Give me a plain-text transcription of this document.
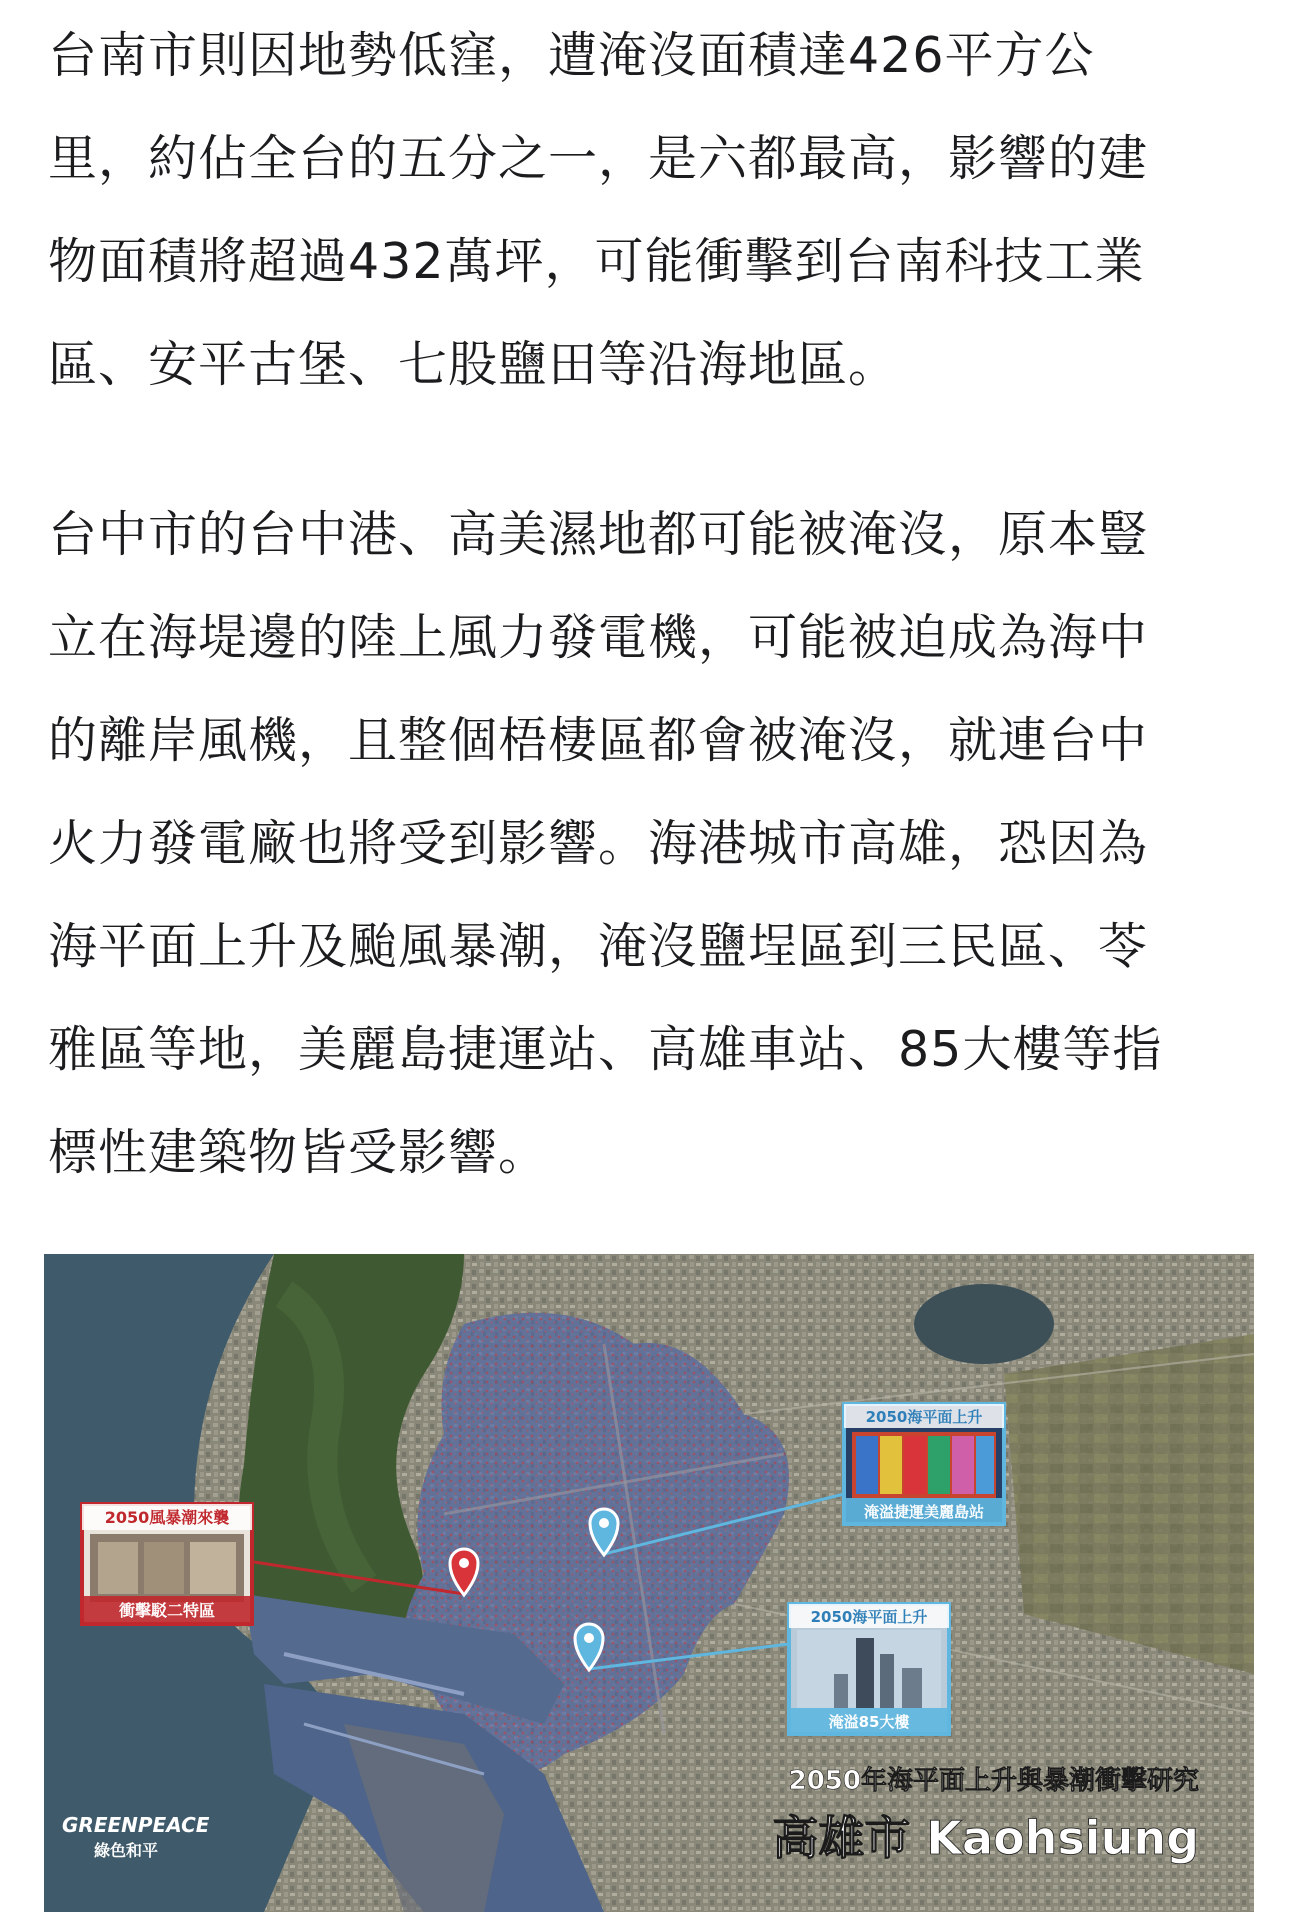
台南市則因地勢低窪，遭淹沒面積達426平方公
里，約佔全台的五分之一，是六都最高，影響的建
物面積將超過432萬坪，可能衝擊到台南科技工業
區、安平古堡、七股鹽田等沿海地區。

台中市的台中港、高美濕地都可能被淹沒，原本豎
立在海堤邊的陸上風力發電機，可能被迫成為海中
的離岸風機，且整個梧棲區都會被淹沒，就連台中
火力發電廠也將受到影響。海港城市高雄，恐因為
海平面上升及颱風暴潮，淹沒鹽埕區到三民區、苓
雅區等地，美麗島捷運站、高雄車站、85大樓等指
標性建築物皆受影響。

2050風暴潮來襲
衝擊駁二特區
2050海平面上升
淹溢捷運美麗島站
2050海平面上升
淹溢85大樓
2050年海平面上升與暴潮衝擊研究
高雄市 Kaohsiung
GREENPEACE
綠色和平
